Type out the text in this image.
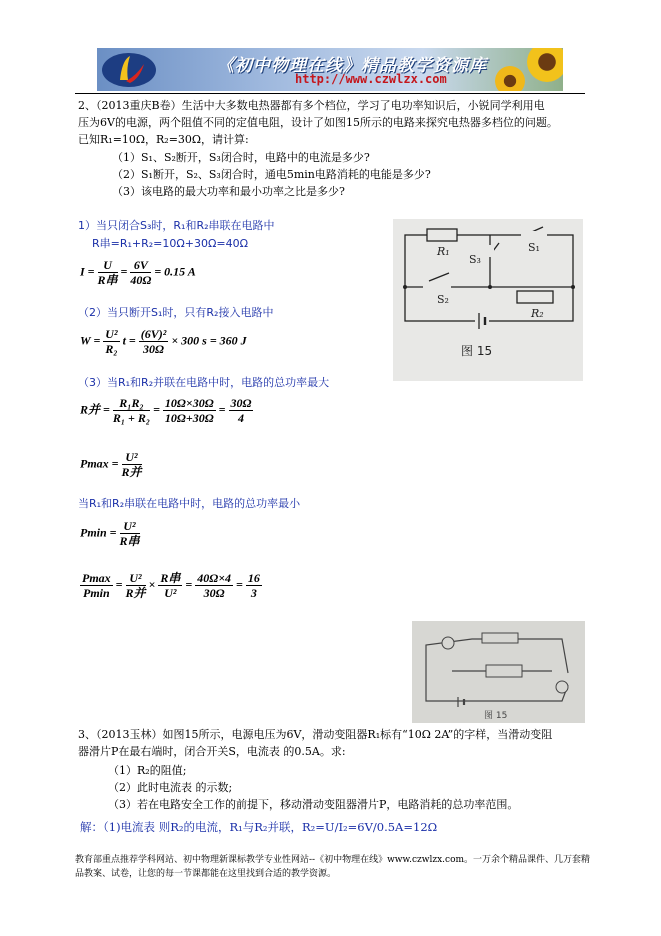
《初中物理在线》精品教学资源库
http://www.czwlzx.com
2、（2013重庆B卷）生活中大多数电热器都有多个档位，学习了电功率知识后，小锐同学利用电
压为6V的电源，两个阻值不同的定值电阻，设计了如图15所示的电路来探究电热器多档位的问题。
已知R₁=10Ω，R₂=30Ω，请计算:
（1）S₁、S₂断开，S₃闭合时，电路中的电流是多少?
（2）S₁断开，S₂、S₃闭合时，通电5min电路消耗的电能是多少?
（3）该电路的最大功率和最小功率之比是多少?
1）当只闭合S₃时，R₁和R₂串联在电路中
R串=R₁+R₂=10Ω+30Ω=40Ω
$I = \frac{U}{\text{R串}} = \frac{6V}{40\Omega} = 0.15$ A
（2）当只断开S₁时，只有R₂接入电路中
$W = \frac{\text{U²}}{\text{R₂}}$ $t = \frac{\text{(6V)²}}{30\Omega} \times 300$ s = 360 J
（3）当R₁和R₂并联在电路中时，电路的总功率最大
R并 = $\frac{\text{R₁R₂}}{\text{R₁ + R₂}} = \frac{10\Omega\times 30\Omega}{10\Omega+30\Omega} = \frac{30\Omega}{4}$
$Pmax = \frac{\text{U²}}{\text{R并}}$
当R₁和R₂串联在电路中时，电路的总功率最小
$Pmin = \frac{\text{U²}}{\text{R串}}$
$\frac{Pmax}{Pmin} = \frac{\text{U²}}{\text{R并}} \times \frac{\text{R串}}{\text{U²}} = \frac{40\Omega\times 4}{30\Omega} = \frac{16}{3}$
R₁	S₁
S₃
S₂
R₂
图 15
图 15
3、（2013玉林）如图15所示，电源电压为6V，滑动变阻器R₁标有“10Ω 2A”的字样，当滑动变阻
器滑片P在最右端时，闭合开关S，电流表 的0.5A。求:
（1）R₂的阻值;
（2）此时电流表 的示数;
（3）若在电路安全工作的前提下，移动滑动变阻器滑片P，电路消耗的总功率范围。
解：（1)电流表 则R₂的电流，R₁与R₂并联，R₂=U/I₂=6V/0.5A=12Ω
教育部重点推荐学科网站、初中物理新课标教学专业性网站--《初中物理在线》www.czwlzx.com。一万余个精品课件、几万套精品教案、试卷，让您的每一节课都能在这里找到合适的教学资源。
